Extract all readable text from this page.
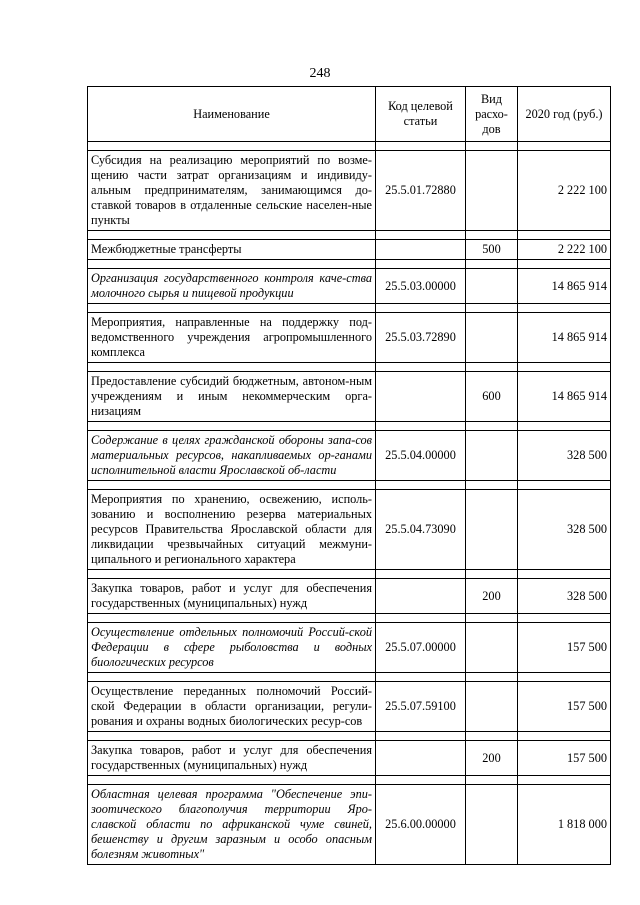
248
Наименование	Код целевой статьи	Вид расхо-дов	2020 год (руб.)

Субсидия на реализацию мероприятий по возме-щению части затрат организациям и индивиду-альным предпринимателям, занимающимся до-ставкой товаров в отдаленные сельские населен-ные пункты	25.5.01.72880		2 222 100

Межбюджетные трансферты		500	2 222 100

Организация государственного контроля каче-ства молочного сырья и пищевой продукции	25.5.03.00000		14 865 914

Мероприятия, направленные на поддержку под-ведомственного учреждения агропромышленного комплекса	25.5.03.72890		14 865 914

Предоставление субсидий бюджетным, автоном-ным учреждениям и иным некоммерческим орга-низациям		600	14 865 914

Содержание в целях гражданской обороны запа-сов материальных ресурсов, накапливаемых ор-ганами исполнительной власти Ярославской об-ласти	25.5.04.00000		328 500

Мероприятия по хранению, освежению, исполь-зованию и восполнению резерва материальных ресурсов Правительства Ярославской области для ликвидации чрезвычайных ситуаций межмуни-ципального и регионального характера	25.5.04.73090		328 500

Закупка товаров, работ и услуг для обеспечения государственных (муниципальных) нужд		200	328 500

Осуществление отдельных полномочий Россий-ской Федерации в сфере рыболовства и водных биологических ресурсов	25.5.07.00000		157 500

Осуществление переданных полномочий Россий-ской Федерации в области организации, регули-рования и охраны водных биологических ресур-сов	25.5.07.59100		157 500

Закупка товаров, работ и услуг для обеспечения государственных (муниципальных) нужд		200	157 500

Областная целевая программа "Обеспечение эпи-зоотического благополучия территории Яро-славской области по африканской чуме свиней, бешенству и другим заразным и особо опасным болезням животных"	25.6.00.00000		1 818 000
